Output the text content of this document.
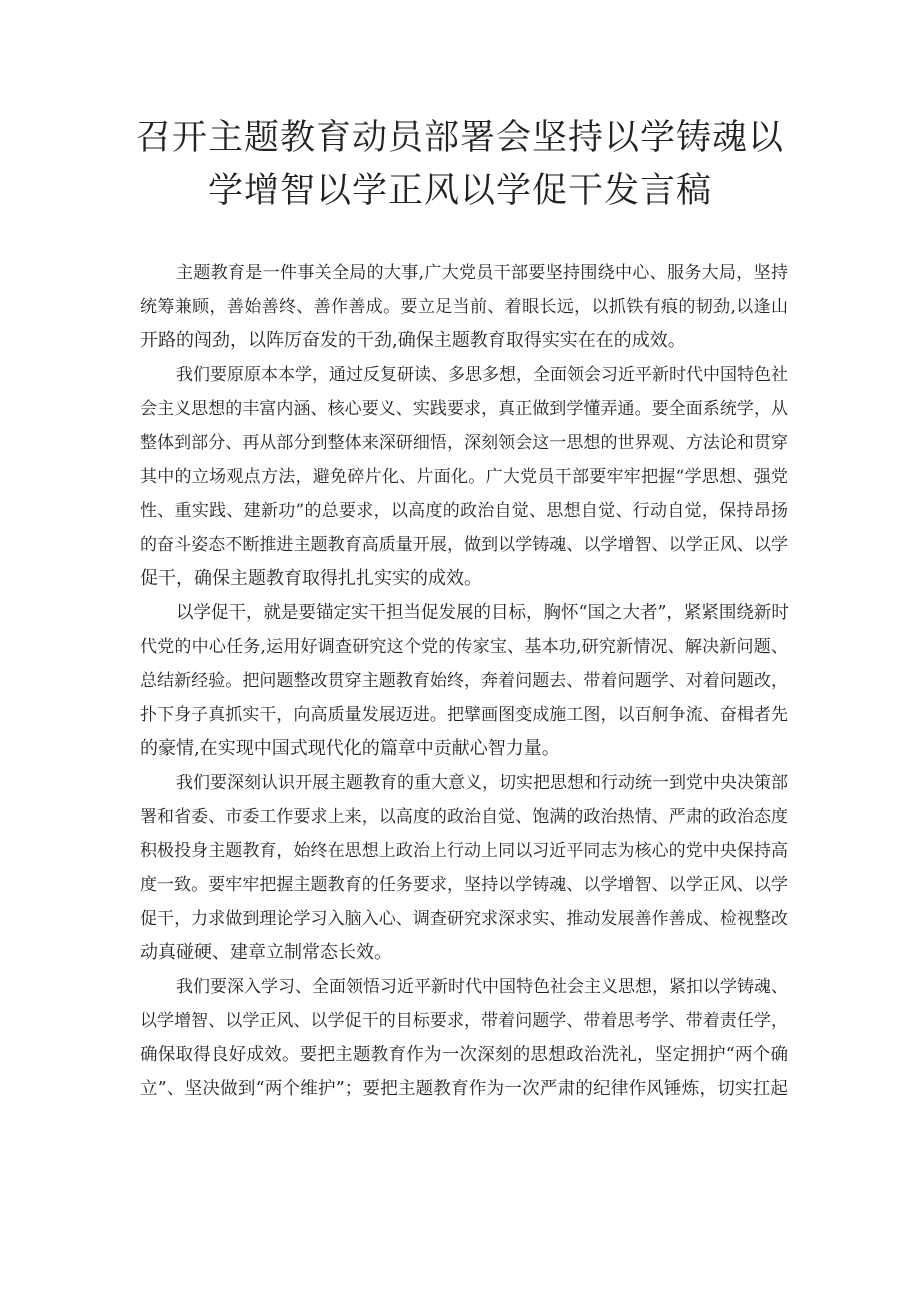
召开主题教育动员部署会坚持以学铸魂以
学增智以学正风以学促干发言稿

主题教育是一件事关全局的大事,广大党员干部要坚持围绕中心、服务大局，坚持
统筹兼顾，善始善终、善作善成。要立足当前、着眼长远，以抓铁有痕的韧劲,以逢山
开路的闯劲，以阵厉奋发的干劲,确保主题教育取得实实在在的成效。

我们要原原本本学，通过反复研读、多思多想，全面领会习近平新时代中国特色社
会主义思想的丰富内涵、核心要义、实践要求，真正做到学懂弄通。要全面系统学，从
整体到部分、再从部分到整体来深研细悟，深刻领会这一思想的世界观、方法论和贯穿
其中的立场观点方法，避免碎片化、片面化。广大党员干部要牢牢把握“学思想、强党
性、重实践、建新功”的总要求，以高度的政治自觉、思想自觉、行动自觉，保持昂扬
的奋斗姿态不断推进主题教育高质量开展，做到以学铸魂、以学增智、以学正风、以学
促干，确保主题教育取得扎扎实实的成效。

以学促干，就是要锚定实干担当促发展的目标，胸怀“国之大者”，紧紧围绕新时
代党的中心任务,运用好调查研究这个党的传家宝、基本功,研究新情况、解决新问题、
总结新经验。把问题整改贯穿主题教育始终，奔着问题去、带着问题学、对着问题改，
扑下身子真抓实干，向高质量发展迈进。把擘画图变成施工图，以百舸争流、奋楫者先
的豪情,在实现中国式现代化的篇章中贡献心智力量。

我们要深刻认识开展主题教育的重大意义，切实把思想和行动统一到党中央决策部
署和省委、市委工作要求上来，以高度的政治自觉、饱满的政治热情、严肃的政治态度
积极投身主题教育，始终在思想上政治上行动上同以习近平同志为核心的党中央保持高
度一致。要牢牢把握主题教育的任务要求，坚持以学铸魂、以学增智、以学正风、以学
促干，力求做到理论学习入脑入心、调查研究求深求实、推动发展善作善成、检视整改
动真碰硬、建章立制常态长效。

我们要深入学习、全面领悟习近平新时代中国特色社会主义思想，紧扣以学铸魂、
以学增智、以学正风、以学促干的目标要求，带着问题学、带着思考学、带着责任学，
确保取得良好成效。要把主题教育作为一次深刻的思想政治洗礼，坚定拥护“两个确
立”、坚决做到“两个维护”；要把主题教育作为一次严肃的纪律作风锤炼，切实扛起
